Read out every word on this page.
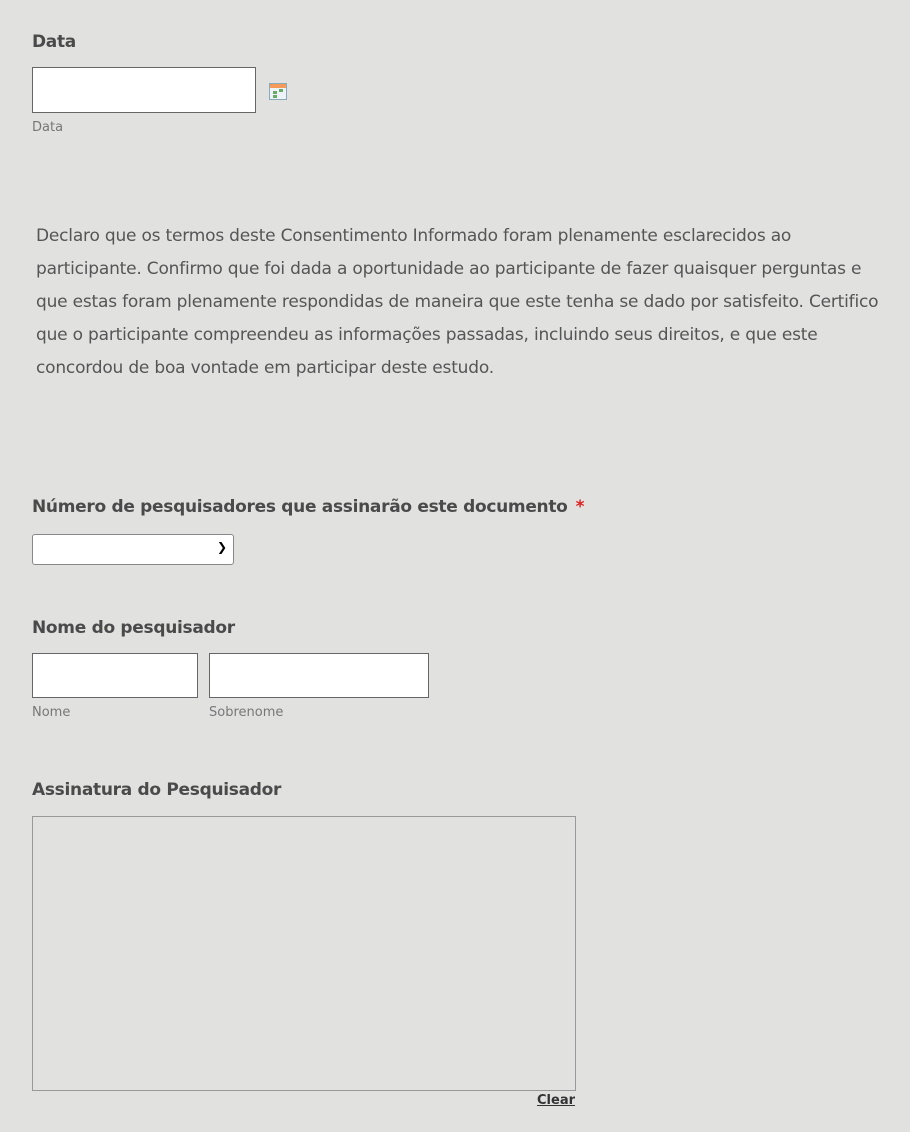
Data
Data
Declaro que os termos deste Consentimento Informado foram plenamente esclarecidos ao participante. Confirmo que foi dada a oportunidade ao participante de fazer quaisquer perguntas e que estas foram plenamente respondidas de maneira que este tenha se dado por satisfeito. Certifico que o participante compreendeu as informações passadas, incluindo seus direitos, e que este concordou de boa vontade em participar deste estudo.
Número de pesquisadores que assinarão este documento *
❯
Nome do pesquisador
Nome	Sobrenome
Assinatura do Pesquisador
Clear
